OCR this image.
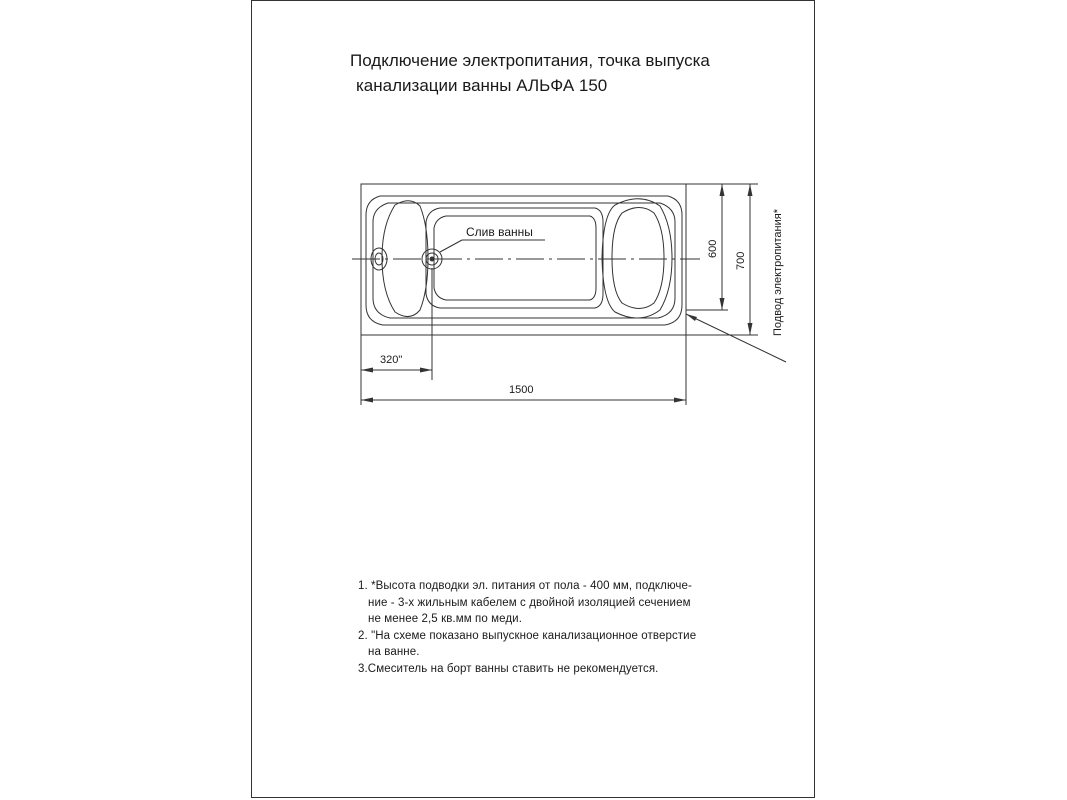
Подключение электропитания, точка выпуска
канализации ванны АЛЬФА 150
Слив ванны
600
700 Подвод электропитания*
320"
1500
1. *Высота подводки эл. питания от пола - 400 мм, подключе-
ние - 3-х жильным кабелем с двойной изоляцией сечением
не менее 2,5 кв.мм по меди.
2. "На схеме показано выпускное канализационное отверстие
на ванне.
3.Смеситель на борт ванны ставить не рекомендуется.
